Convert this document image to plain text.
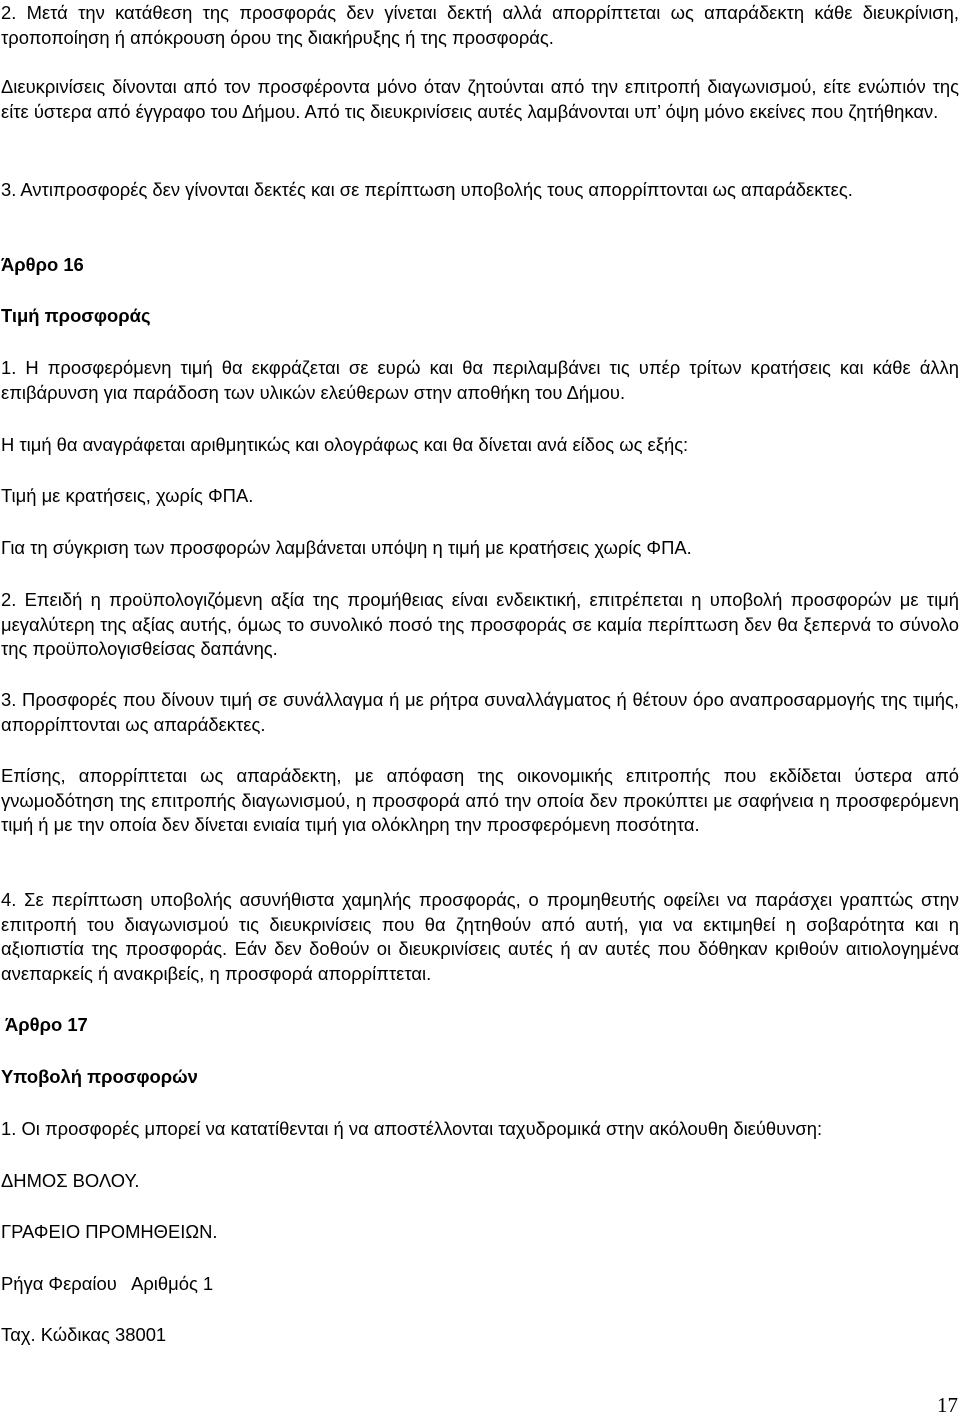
2. Μετά την κατάθεση της προσφοράς δεν γίνεται δεκτή αλλά απορρίπτεται ως απαράδεκτη κάθε διευκρίνιση, τροποποίηση ή απόκρουση όρου της διακήρυξης ή της προσφοράς.

Διευκρινίσεις δίνονται από τον προσφέροντα μόνο όταν ζητούνται από την επιτροπή διαγωνισμού, είτε ενώπιόν της είτε ύστερα από έγγραφο του Δήμου. Από τις διευκρινίσεις αυτές λαμβάνονται υπ’ όψη μόνο εκείνες που ζητήθηκαν.

3. Αντιπροσφορές δεν γίνονται δεκτές και σε περίπτωση υποβολής τους απορρίπτονται ως απαράδεκτες.

Άρθρο 16

Τιμή προσφοράς

1. Η προσφερόμενη τιμή θα εκφράζεται σε ευρώ και θα περιλαμβάνει τις υπέρ τρίτων κρατήσεις και κάθε άλλη επιβάρυνση για παράδοση των υλικών ελεύθερων στην αποθήκη του Δήμου.

Η τιμή θα αναγράφεται αριθμητικώς και ολογράφως και θα δίνεται ανά είδος ως εξής:

Τιμή με κρατήσεις, χωρίς ΦΠΑ.

Για τη σύγκριση των προσφορών λαμβάνεται υπόψη η τιμή με κρατήσεις χωρίς ΦΠΑ.

2. Επειδή η προϋπολογιζόμενη αξία της προμήθειας είναι ενδεικτική, επιτρέπεται η υποβολή προσφορών με τιμή μεγαλύτερη της αξίας αυτής, όμως το συνολικό ποσό της προσφοράς σε καμία περίπτωση δεν θα ξεπερνά το σύνολο της προϋπολογισθείσας δαπάνης.

3. Προσφορές που δίνουν τιμή σε συνάλλαγμα ή με ρήτρα συναλλάγματος ή θέτουν όρο αναπροσαρμογής της τιμής, απορρίπτονται ως απαράδεκτες.

Επίσης, απορρίπτεται ως απαράδεκτη, με απόφαση της οικονομικής επιτροπής που εκδίδεται ύστερα από γνωμοδότηση της επιτροπής διαγωνισμού, η προσφορά από την οποία δεν προκύπτει με σαφήνεια η προσφερόμενη τιμή ή με την οποία δεν δίνεται ενιαία τιμή για ολόκληρη την προσφερόμενη ποσότητα.

4. Σε περίπτωση υποβολής ασυνήθιστα χαμηλής προσφοράς, ο προμηθευτής οφείλει να παράσχει γραπτώς στην επιτροπή του διαγωνισμού τις διευκρινίσεις που θα ζητηθούν από αυτή, για να εκτιμηθεί η σοβαρότητα και η αξιοπιστία της προσφοράς. Εάν δεν δοθούν οι διευκρινίσεις αυτές ή αν αυτές που δόθηκαν κριθούν αιτιολογημένα ανεπαρκείς ή ανακριβείς, η προσφορά απορρίπτεται.

Άρθρο 17

Υποβολή προσφορών

1. Οι προσφορές μπορεί να κατατίθενται ή να αποστέλλονται ταχυδρομικά στην ακόλουθη διεύθυνση:

ΔΗΜΟΣ ΒΟΛΟΥ.

ΓΡΑΦΕΙΟ ΠΡΟΜΗΘΕΙΩΝ.

Ρήγα Φεραίου   Αριθμός 1

Ταχ. Κώδικας 38001

17
